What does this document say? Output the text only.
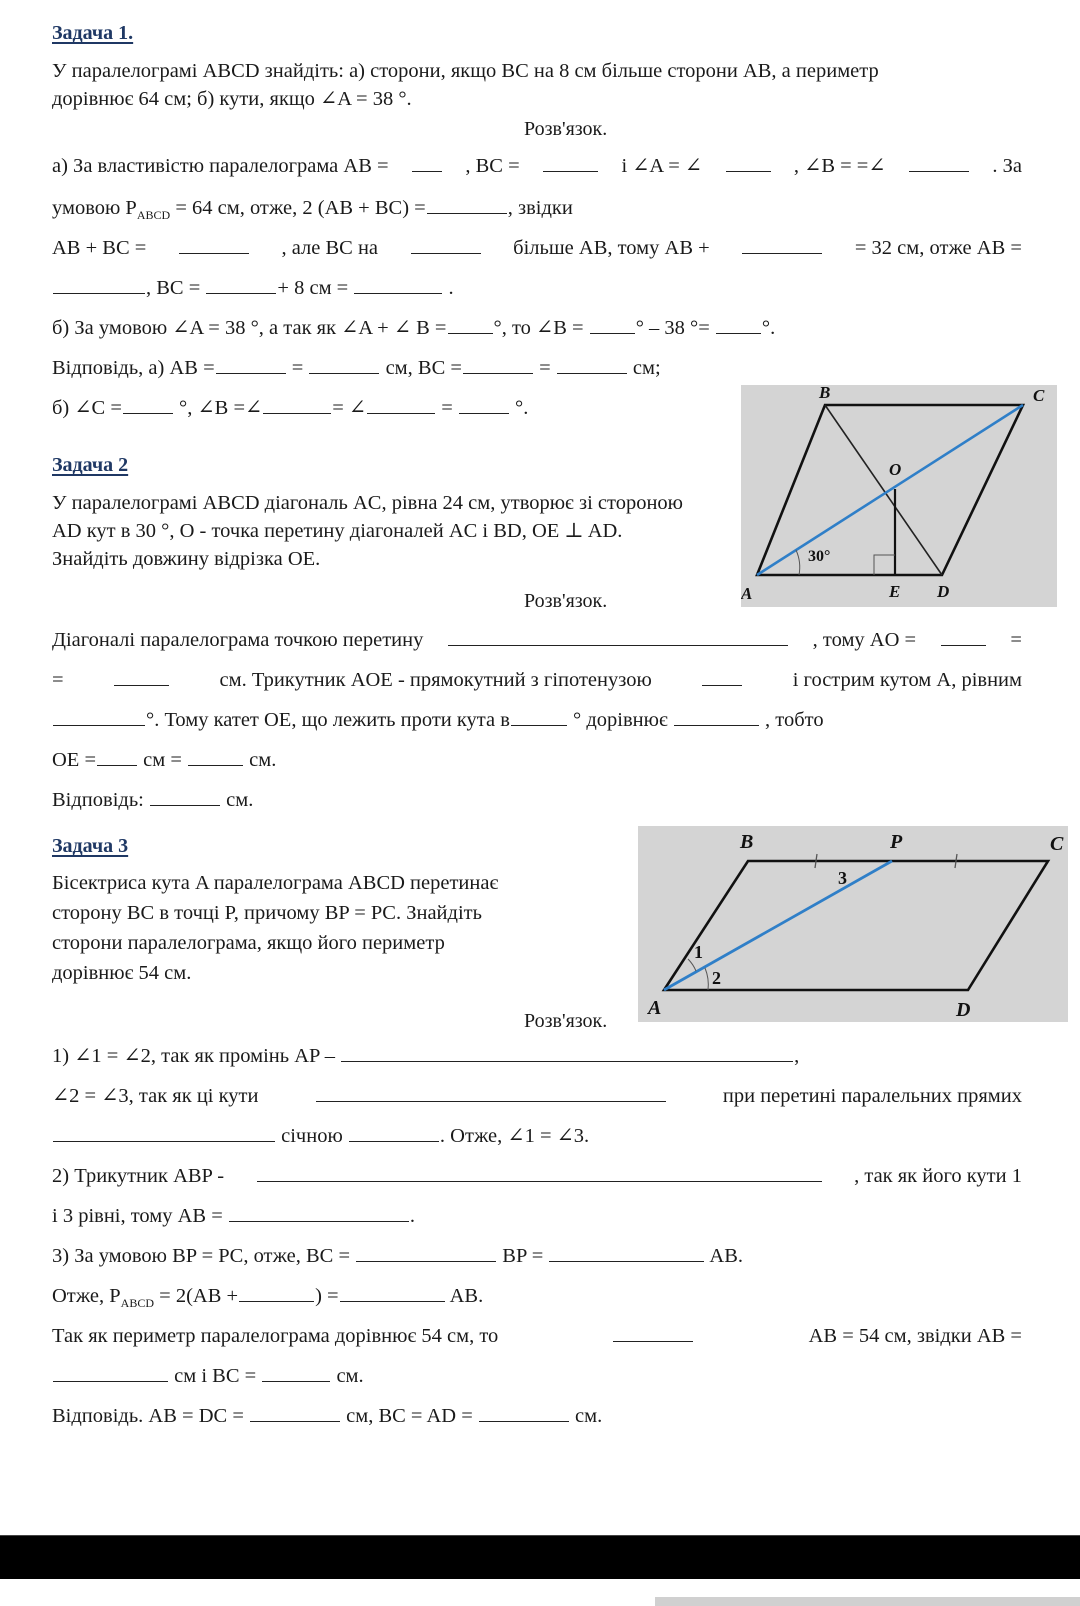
Задача 1.
У паралелограмі ABCD знайдіть: а) сторони, якщо BC на 8 см більше сторони AB, а периметр
дорівнює 64 см; б) кути, якщо ∠A = 38 °.
Розв'язок.
а) За властивістю паралелограма AB =	, BC =	і ∠A = ∠	, ∠B = =∠	. За
умовою $P_{ABCD} = 64$ см, отже, 2 (AB + BC) =	, звідки
AB + BC =	, але BC на	більше AB, тому AB +	= 32 см, отже AB =
, BC =	+ 8 см =	.
б) За умовою ∠A = 38 °, а так як ∠A + ∠ B = °, то ∠B = ° – 38 °= °.
Відповідь, а) AB =	=	см, BC =	=	см;
б) ∠C =	°, ∠B =∠	= ∠	=	°.
30°
A
B	C
D
O
E
Задача 2
У паралелограмі ABCD діагональ AC, рівна 24 см, утворює зі стороною
AD кут в 30 °, O - точка перетину діагоналей AC і BD, OE ⊥ AD.
Знайдіть довжину відрізка OE.
Розв'язок.
Діагоналі паралелограма точкою перетину	, тому AO =	=
=	см. Трикутник AOE - прямокутний з гіпотенузою	і гострим кутом A, рівним
°. Тому катет OE, що лежить проти кута в	° дорівнює	, тобто
OE = см =	см.
Відповідь:	см.
1
2
3
A
B	P	C
D
Задача 3
Бісектриса кута A паралелограма ABCD перетинає
сторону BC в точці P, причому BP = PC. Знайдіть
сторони паралелограма, якщо його периметр
дорівнює 54 см.
Розв'язок.
1) ∠1 = ∠2, так як промінь AP –	,
∠2 = ∠3, так як ці кути	при перетині паралельних прямих
січною	. Отже, ∠1 = ∠3.
2) Трикутник ABP -	, так як його кути 1
і 3 рівні, тому AB =	.
3) За умовою BP = PC, отже, BC =	BP =	AB.
Отже, $P_{ABCD} = 2(AB$ +	) =	AB.
Так як периметр паралелограма дорівнює 54 см, то	AB = 54 см, звідки AB =
см і BC =	см.
Відповідь. AB = DC =	см, BC = AD =	см.
